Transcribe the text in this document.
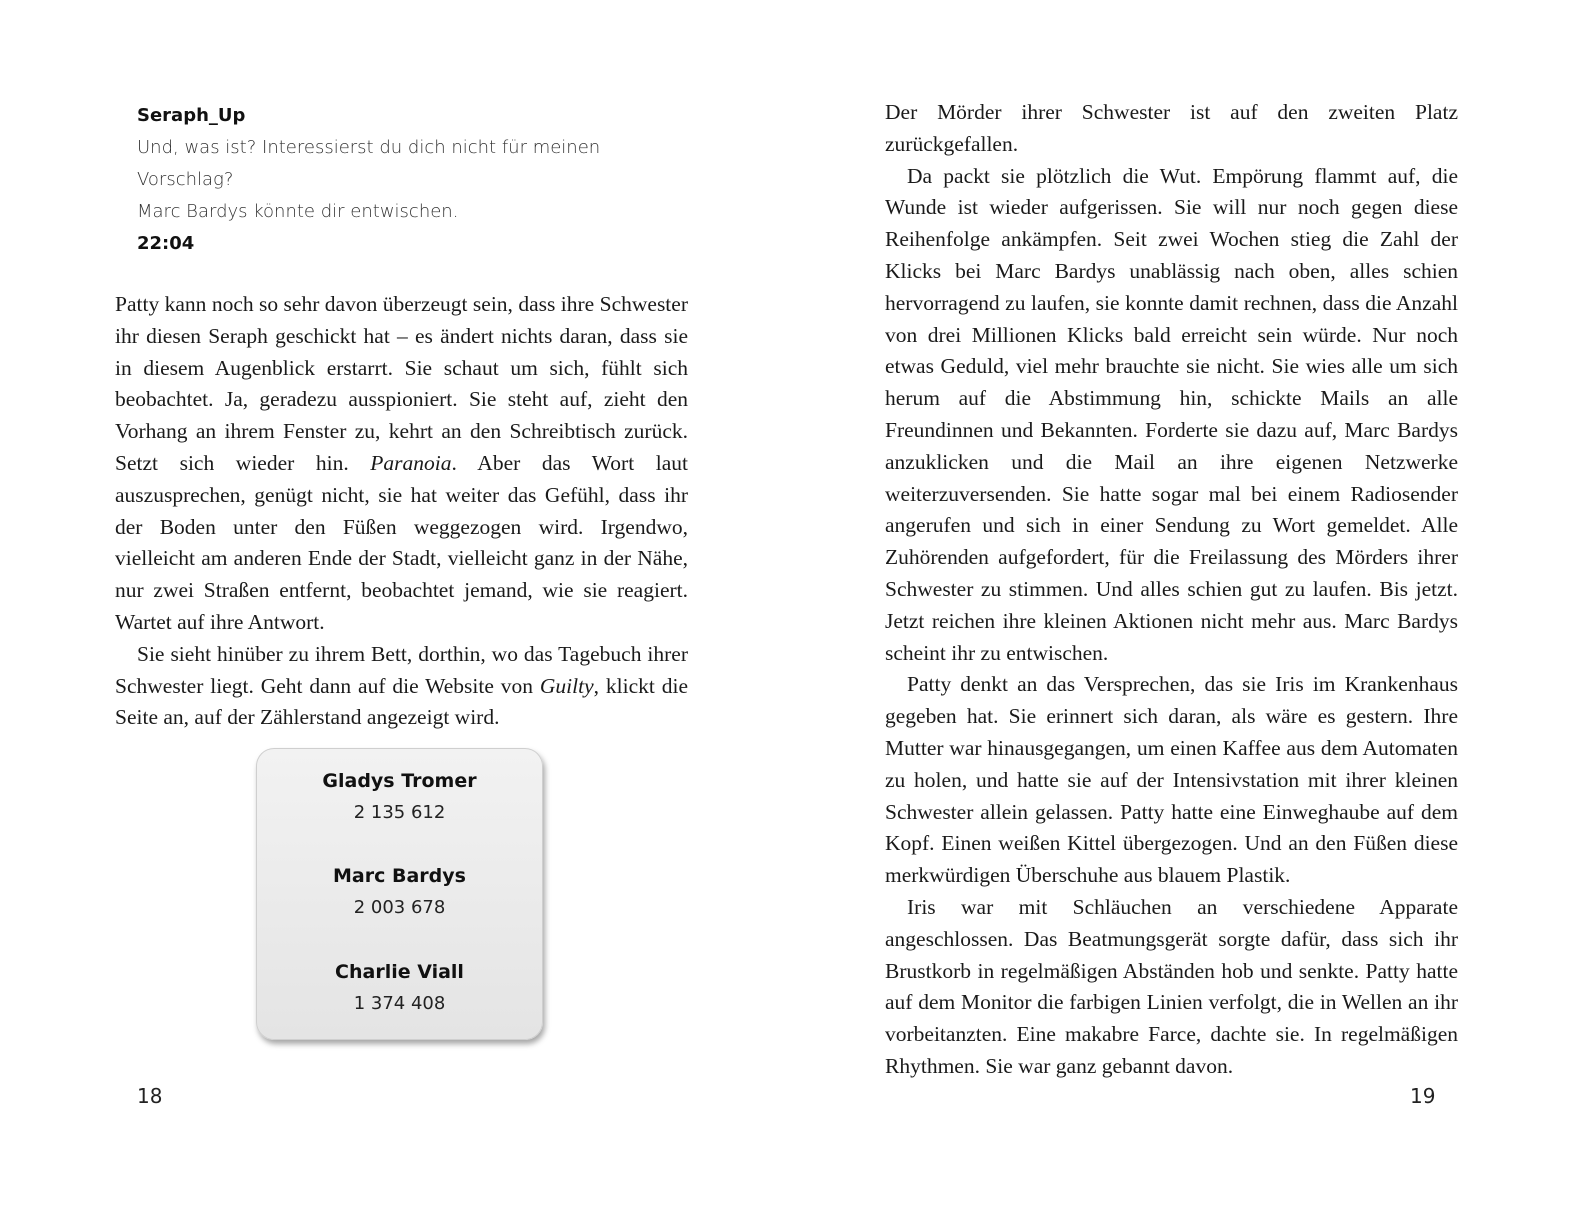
Seraph_Up
Und, was ist? Interessierst du dich nicht für meinen
Vorschlag?
Marc Bardys könnte dir entwischen.
22:04

Patty kann noch so sehr davon überzeugt sein, dass ihre Schwester ihr diesen Seraph geschickt hat – es ändert nichts daran, dass sie in diesem Augenblick erstarrt. Sie schaut um sich, fühlt sich beobachtet. Ja, geradezu ausspioniert. Sie steht auf, zieht den Vorhang an ihrem Fenster zu, kehrt an den Schreibtisch zurück. Setzt sich wieder hin. Paranoia. Aber das Wort laut auszusprechen, genügt nicht, sie hat weiter das Gefühl, dass ihr der Boden unter den Füßen weggezogen wird. Irgendwo, vielleicht am anderen Ende der Stadt, vielleicht ganz in der Nähe, nur zwei Straßen entfernt, beobachtet jemand, wie sie reagiert. Wartet auf ihre Antwort.

Sie sieht hinüber zu ihrem Bett, dorthin, wo das Tagebuch ihrer Schwester liegt. Geht dann auf die Website von Guilty, klickt die Seite an, auf der Zählerstand angezeigt wird.

Gladys Tromer
2 135 612
Marc Bardys
2 003 678
Charlie Viall
1 374 408
18

Der Mörder ihrer Schwester ist auf den zweiten Platz zurückgefallen.

Da packt sie plötzlich die Wut. Empörung flammt auf, die Wunde ist wieder aufgerissen. Sie will nur noch gegen diese Reihenfolge ankämpfen. Seit zwei Wochen stieg die Zahl der Klicks bei Marc Bardys unablässig nach oben, alles schien hervorragend zu laufen, sie konnte damit rechnen, dass die Anzahl von drei Millionen Klicks bald erreicht sein würde. Nur noch etwas Geduld, viel mehr brauchte sie nicht. Sie wies alle um sich herum auf die Abstimmung hin, schickte Mails an alle Freundinnen und Bekannten. Forderte sie dazu auf, Marc Bardys anzuklicken und die Mail an ihre eigenen Netzwerke weiterzuversenden. Sie hatte sogar mal bei einem Radiosender angerufen und sich in einer Sendung zu Wort gemeldet. Alle Zuhörenden aufgefordert, für die Freilassung des Mörders ihrer Schwester zu stimmen. Und alles schien gut zu laufen. Bis jetzt. Jetzt reichen ihre kleinen Aktionen nicht mehr aus. Marc Bardys scheint ihr zu entwischen.

Patty denkt an das Versprechen, das sie Iris im Krankenhaus gegeben hat. Sie erinnert sich daran, als wäre es gestern. Ihre Mutter war hinausgegangen, um einen Kaffee aus dem Automaten zu holen, und hatte sie auf der Intensivstation mit ihrer kleinen Schwester allein gelassen. Patty hatte eine Einweghaube auf dem Kopf. Einen weißen Kittel übergezogen. Und an den Füßen diese merkwürdigen Überschuhe aus blauem Plastik.

Iris war mit Schläuchen an verschiedene Apparate angeschlossen. Das Beatmungsgerät sorgte dafür, dass sich ihr Brustkorb in regelmäßigen Abständen hob und senkte. Patty hatte auf dem Monitor die farbigen Linien verfolgt, die in Wellen an ihr vorbeitanzten. Eine makabre Farce, dachte sie. In regelmäßigen Rhythmen. Sie war ganz gebannt davon.

19
